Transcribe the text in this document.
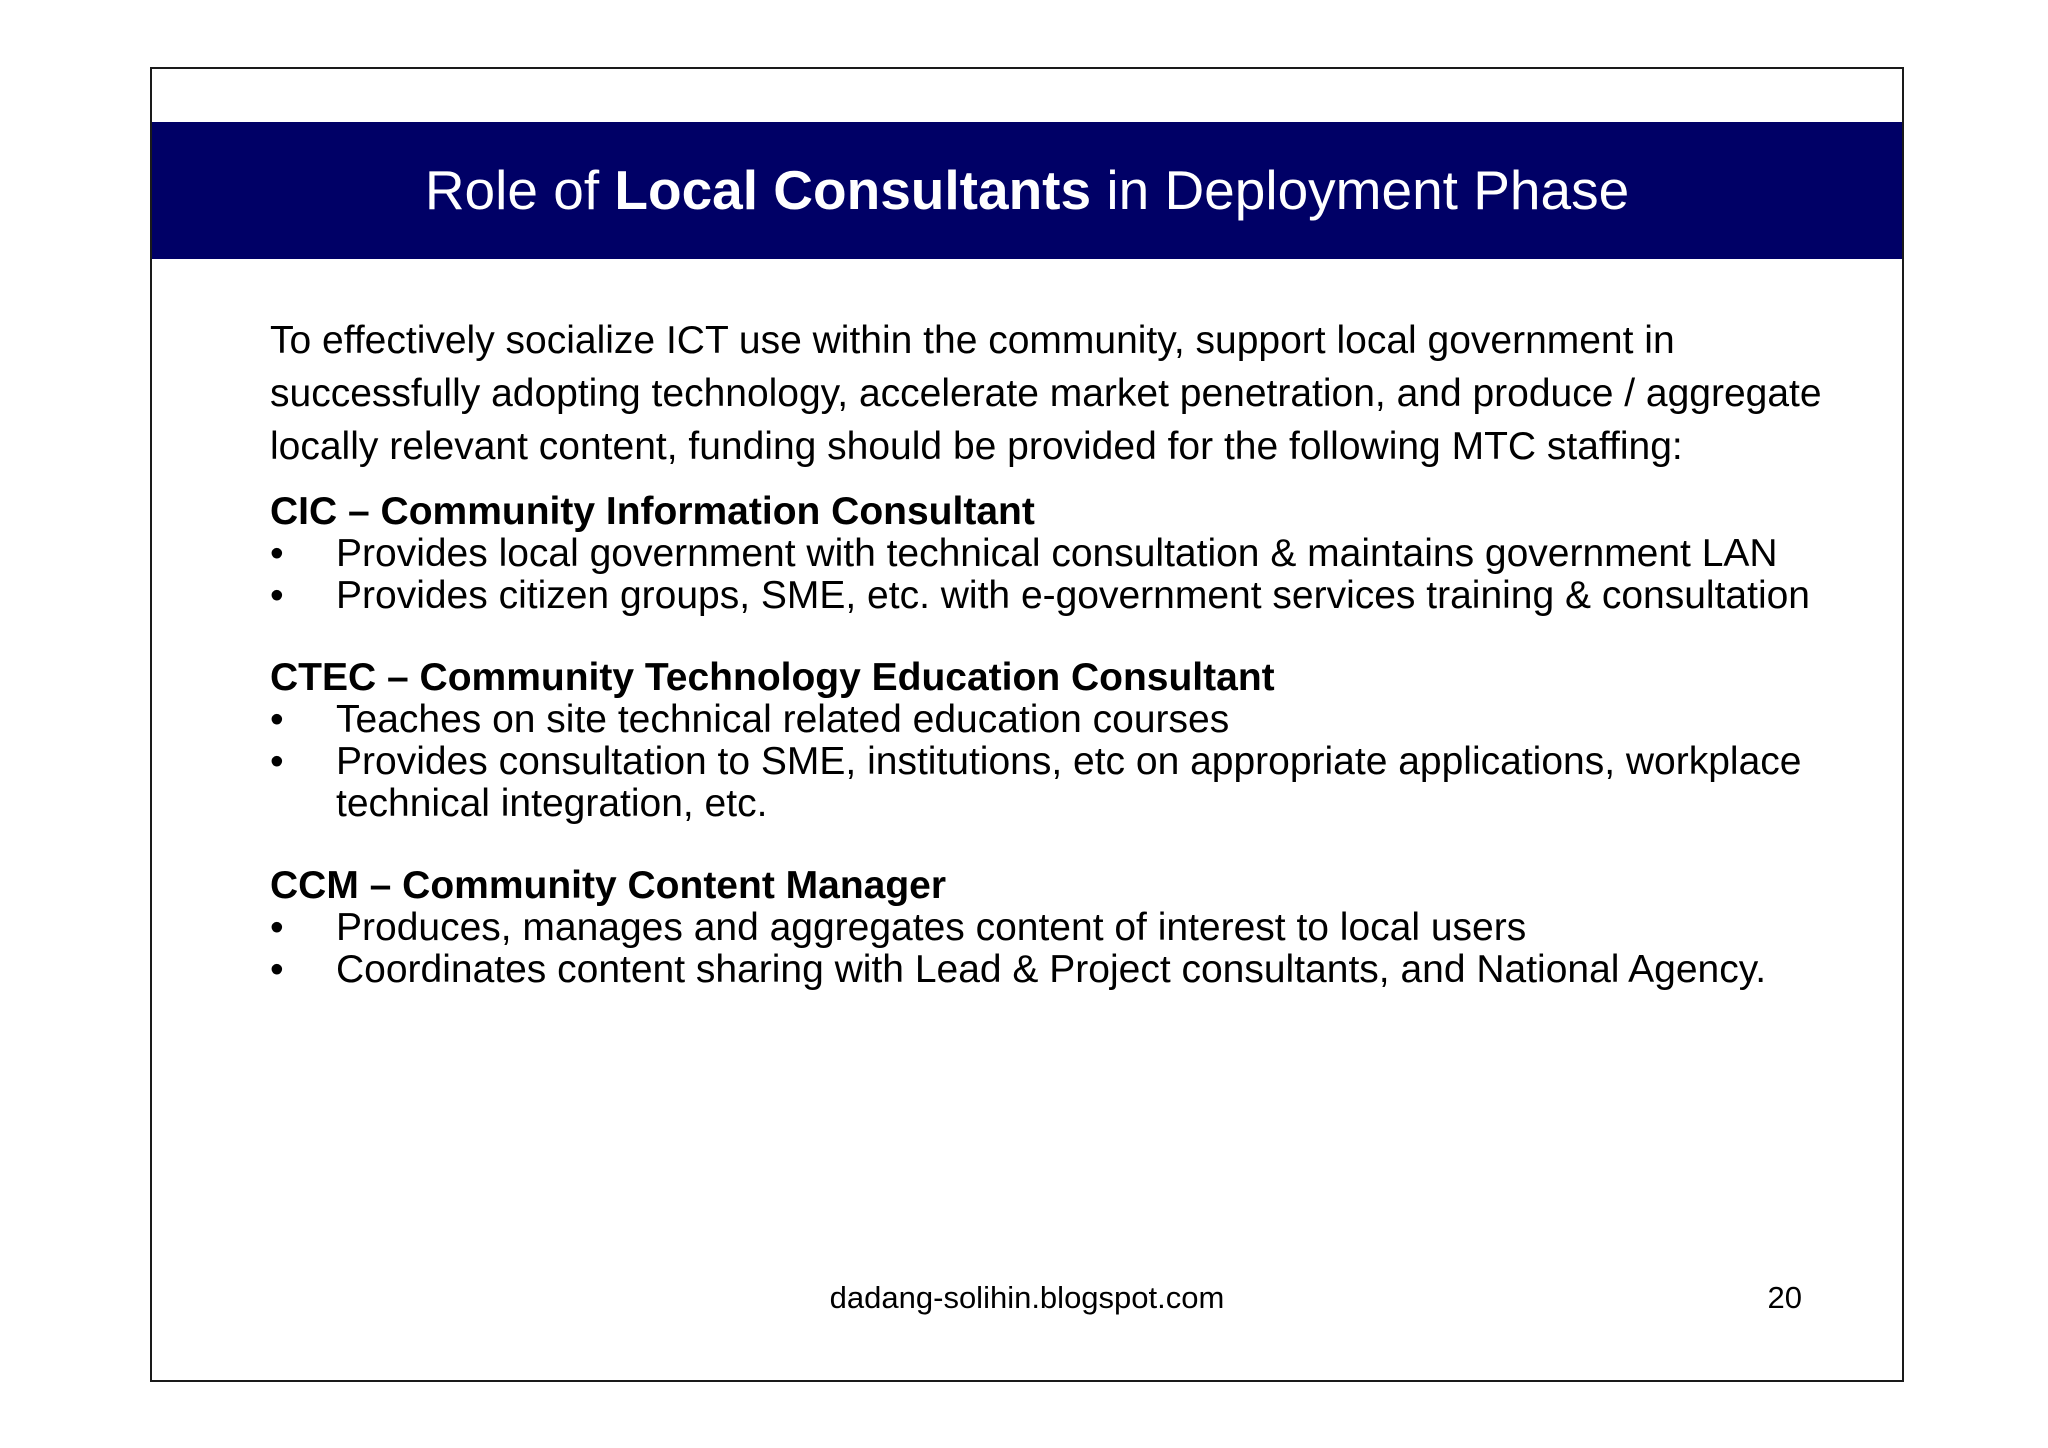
Role of Local Consultants in Deployment Phase

To effectively socialize ICT use within the community, support local government in successfully adopting technology, accelerate market penetration, and produce / aggregate locally relevant content, funding should be provided for the following MTC staffing:

CIC – Community Information Consultant

•	Provides local government with technical consultation & maintains government LAN
•	Provides citizen groups, SME, etc. with e-government services training & consultation

CTEC – Community Technology Education Consultant

•	Teaches on site technical related education courses
•	Provides consultation to SME, institutions, etc on appropriate applications, workplace technical integration, etc.

CCM – Community Content Manager

•	Produces, manages and aggregates content of interest to local users
•	Coordinates content sharing with Lead & Project consultants, and National Agency.
dadang-solihin.blogspot.com	20
